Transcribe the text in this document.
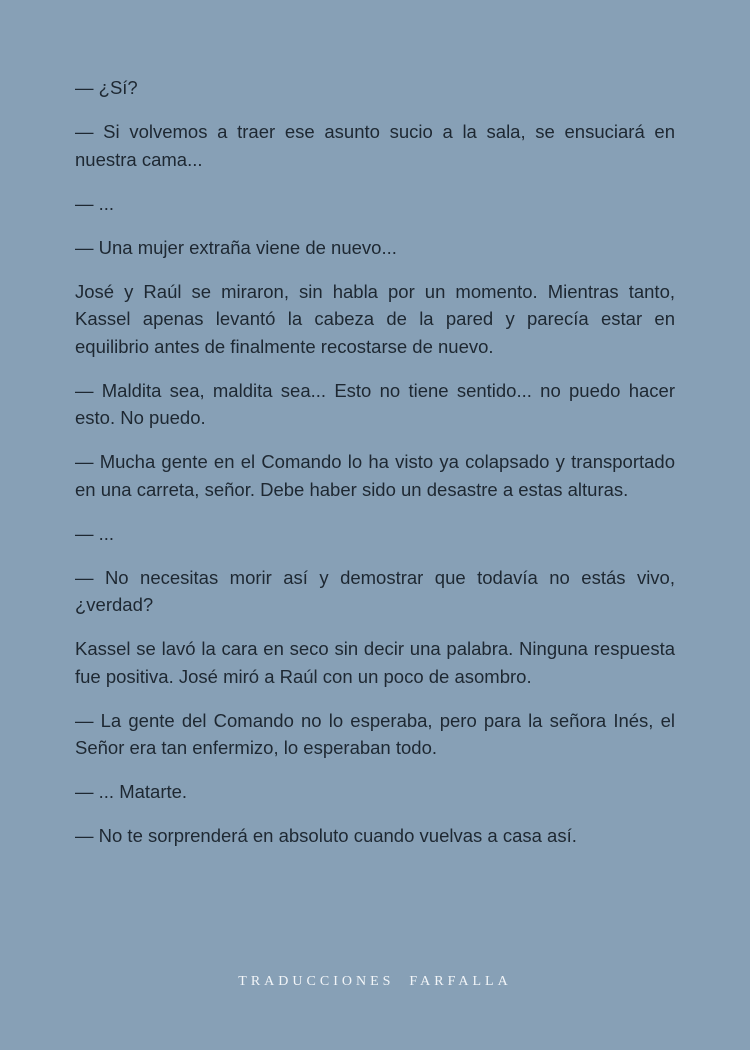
— ¿Sí?

— Si volvemos a traer ese asunto sucio a la sala, se ensuciará en nuestra cama...

— ...

— Una mujer extraña viene de nuevo...

José y Raúl se miraron, sin habla por un momento. Mientras tanto, Kassel apenas levantó la cabeza de la pared y parecía estar en equilibrio antes de finalmente recostarse de nuevo.

— Maldita sea, maldita sea... Esto no tiene sentido... no puedo hacer esto. No puedo.

— Mucha gente en el Comando lo ha visto ya colapsado y transportado en una carreta, señor. Debe haber sido un desastre a estas alturas.

— ...

— No necesitas morir así y demostrar que todavía no estás vivo, ¿verdad?

Kassel se lavó la cara en seco sin decir una palabra. Ninguna respuesta fue positiva. José miró a Raúl con un poco de asombro.

— La gente del Comando no lo esperaba, pero para la señora Inés, el Señor era tan enfermizo, lo esperaban todo.

— ... Matarte.

— No te sorprenderá en absoluto cuando vuelvas a casa así.

TRADUCCIONES  FARFALLA
